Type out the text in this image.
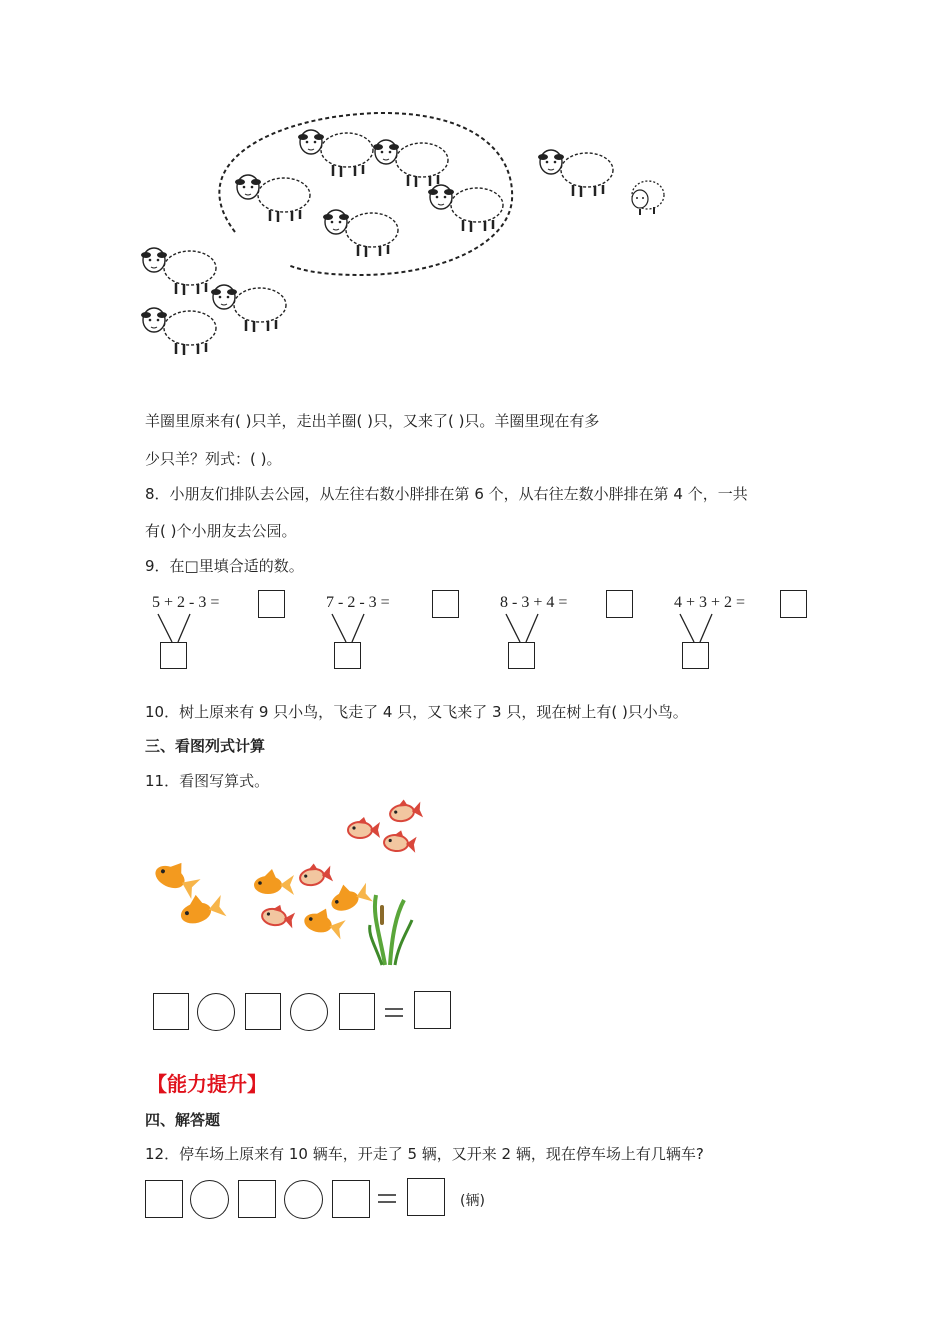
羊圈里原来有( )只羊，走出羊圈( )只，又来了( )只。羊圈里现在有多
少只羊？列式：( )。
8．小朋友们排队去公园，从左往右数小胖排在第 6 个，从右往左数小胖排在第 4 个，一共
有( )个小朋友去公园。
9．在□里填合适的数。
5 + 2 - 3 =	7 - 2 - 3 =	8 - 3 + 4 =	4 + 3 + 2 =
10．树上原来有 9 只小鸟，飞走了 4 只，又飞来了 3 只，现在树上有( )只小鸟。
三、看图列式计算
11．看图写算式。
【能力提升】
四、解答题
12．停车场上原来有 10 辆车，开走了 5 辆，又开来 2 辆，现在停车场上有几辆车?
(辆)
